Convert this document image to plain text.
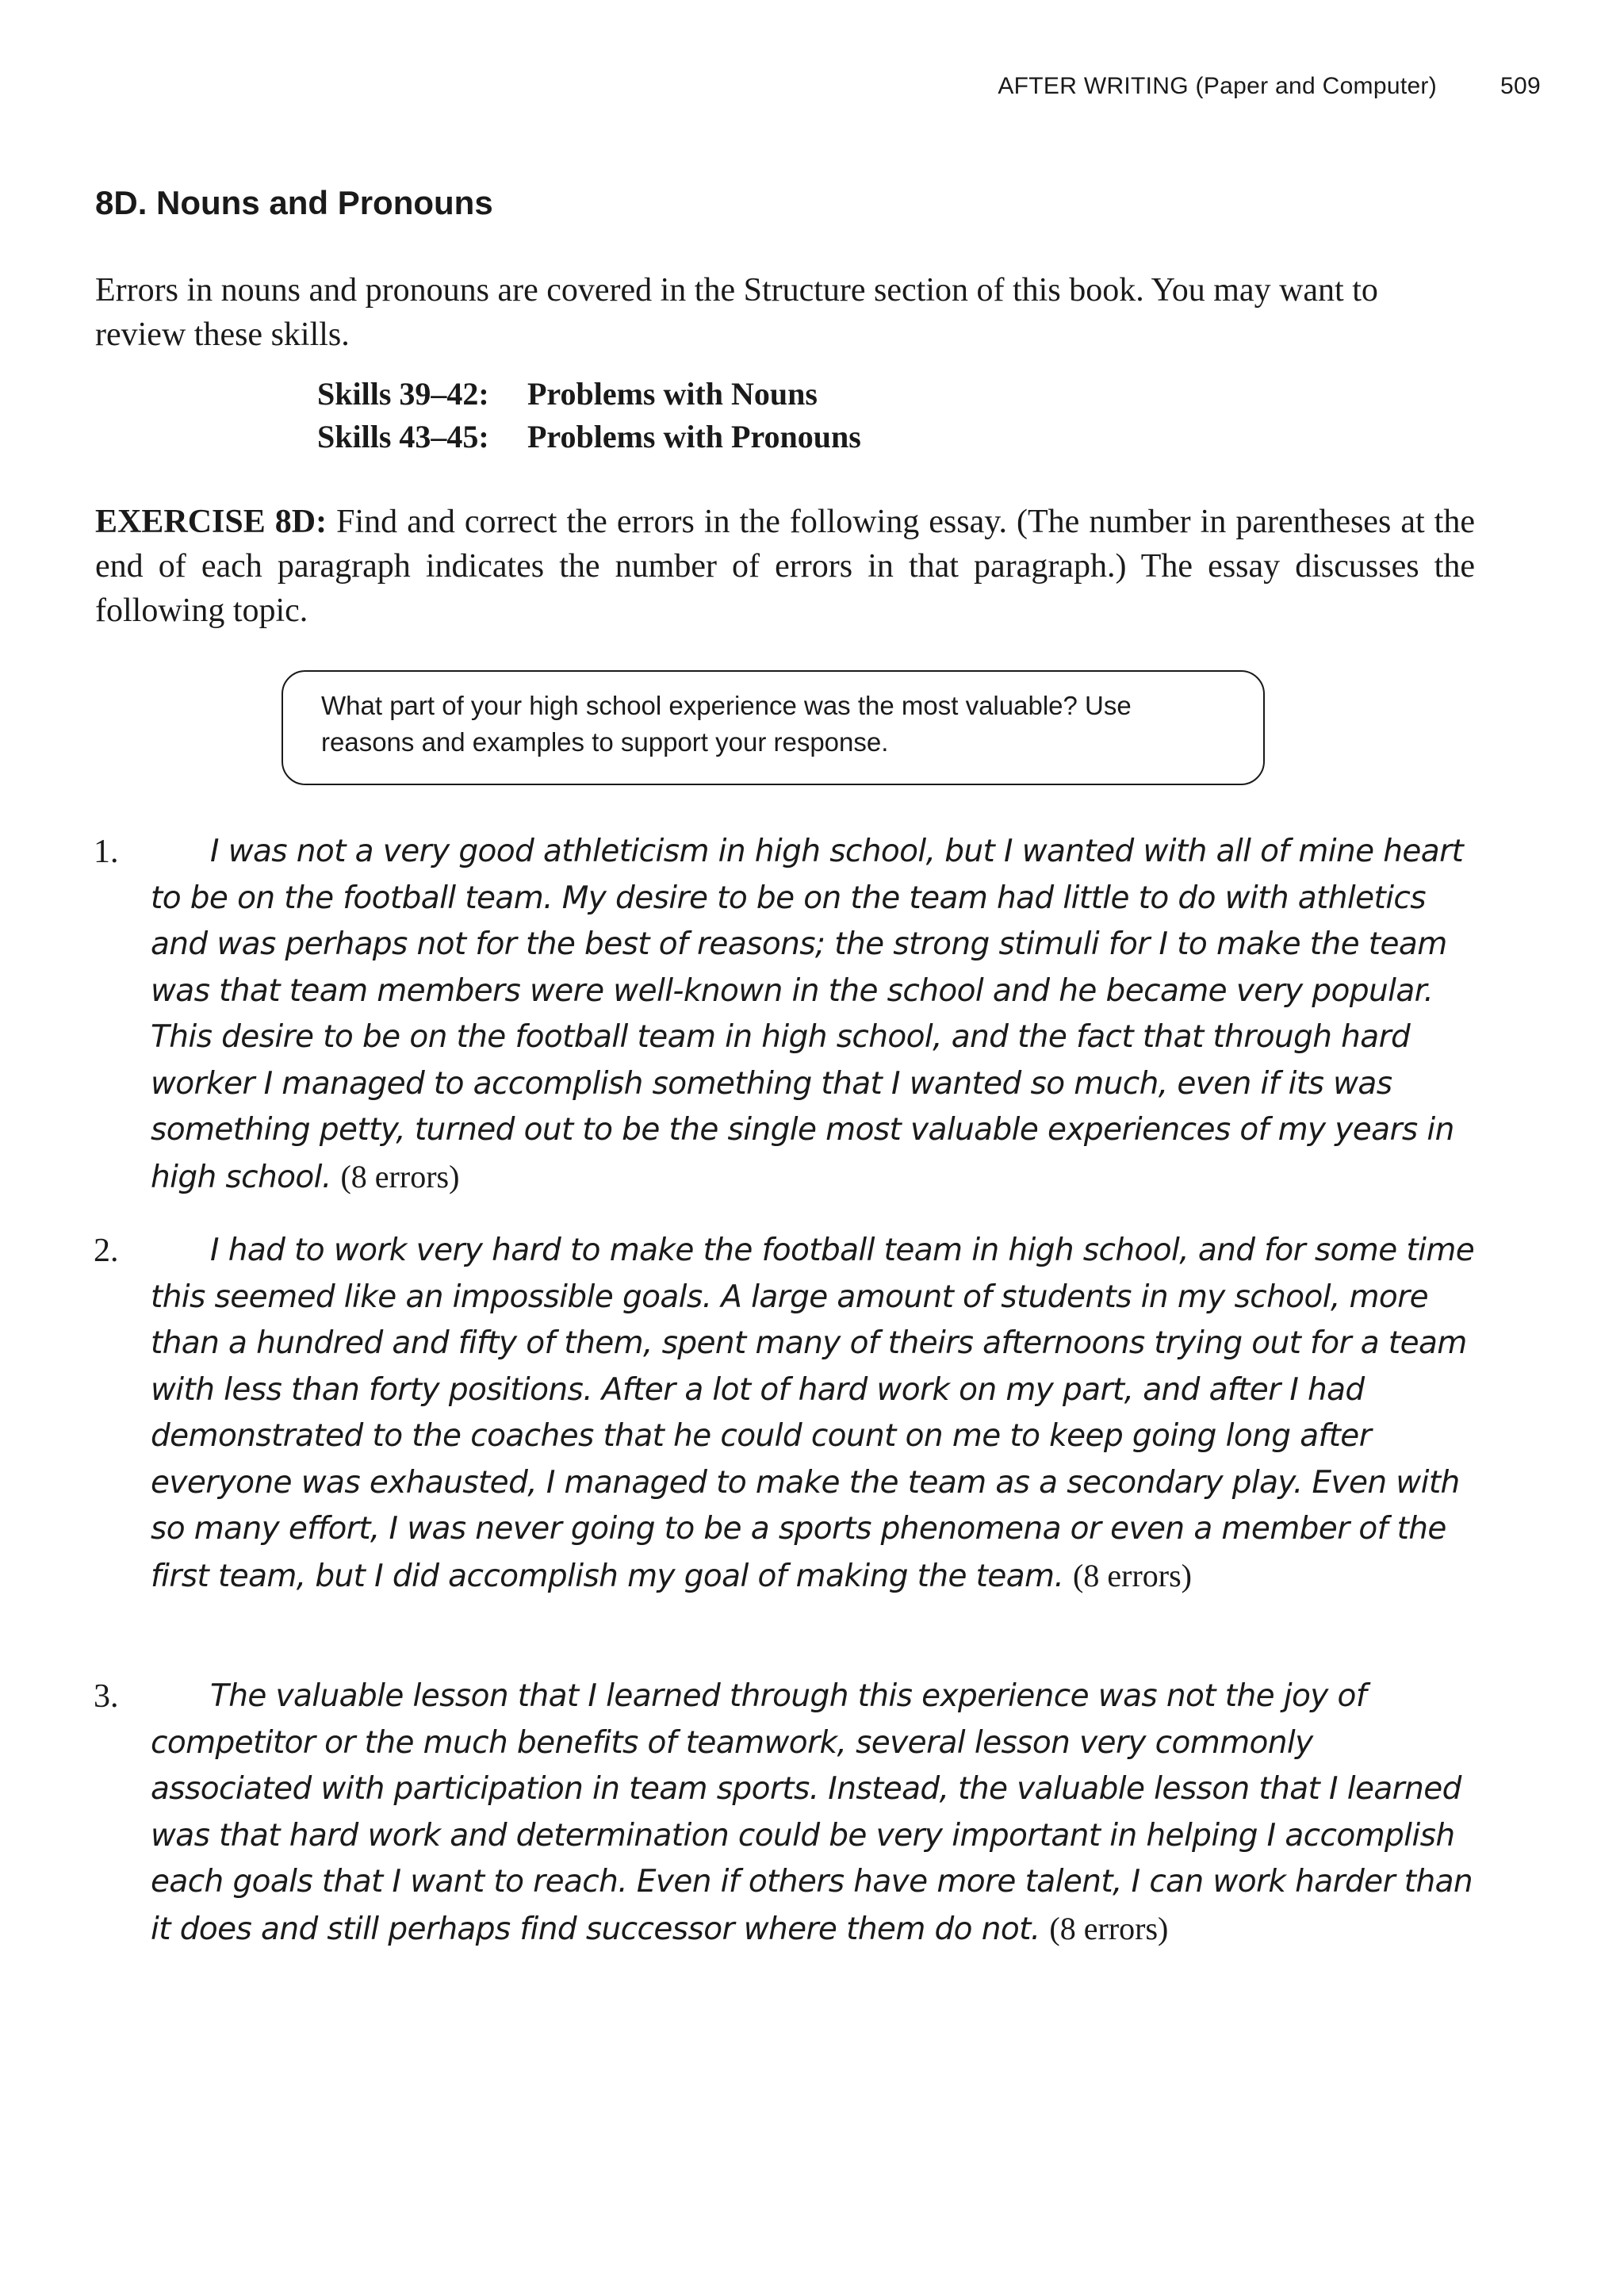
AFTER WRITING (Paper and Computer)	509
8D. Nouns and Pronouns

Errors in nouns and pronouns are covered in the Structure section of this book. You may want to review these skills.

Skills 39–42:	Problems with Nouns
Skills 43–45:	Problems with Pronouns

EXERCISE 8D: Find and correct the errors in the following essay. (The number in parentheses at the end of each paragraph indicates the number of errors in that paragraph.) The essay discusses the following topic.

What part of your high school experience was the most valuable? Use reasons and examples to support your response.
1.	I was not a very good athleticism in high school, but I wanted with all of mine heart to be on the football team. My desire to be on the team had little to do with athletics and was perhaps not for the best of reasons; the strong stimuli for I to make the team was that team members were well-known in the school and he became very popular. This desire to be on the football team in high school, and the fact that through hard worker I managed to accomplish something that I wanted so much, even if its was something petty, turned out to be the single most valuable experiences of my years in high school. (8 errors)
2.	I had to work very hard to make the football team in high school, and for some time this seemed like an impossible goals. A large amount of students in my school, more than a hundred and fifty of them, spent many of theirs afternoons trying out for a team with less than forty positions. After a lot of hard work on my part, and after I had demonstrated to the coaches that he could count on me to keep going long after everyone was exhausted, I managed to make the team as a secondary play. Even with so many effort, I was never going to be a sports phenomena or even a member of the first team, but I did accomplish my goal of making the team. (8 errors)
3.	The valuable lesson that I learned through this experience was not the joy of competitor or the much benefits of teamwork, several lesson very commonly associated with participation in team sports. Instead, the valuable lesson that I learned was that hard work and determination could be very important in helping I accomplish each goals that I want to reach. Even if others have more talent, I can work harder than it does and still perhaps find successor where them do not. (8 errors)
